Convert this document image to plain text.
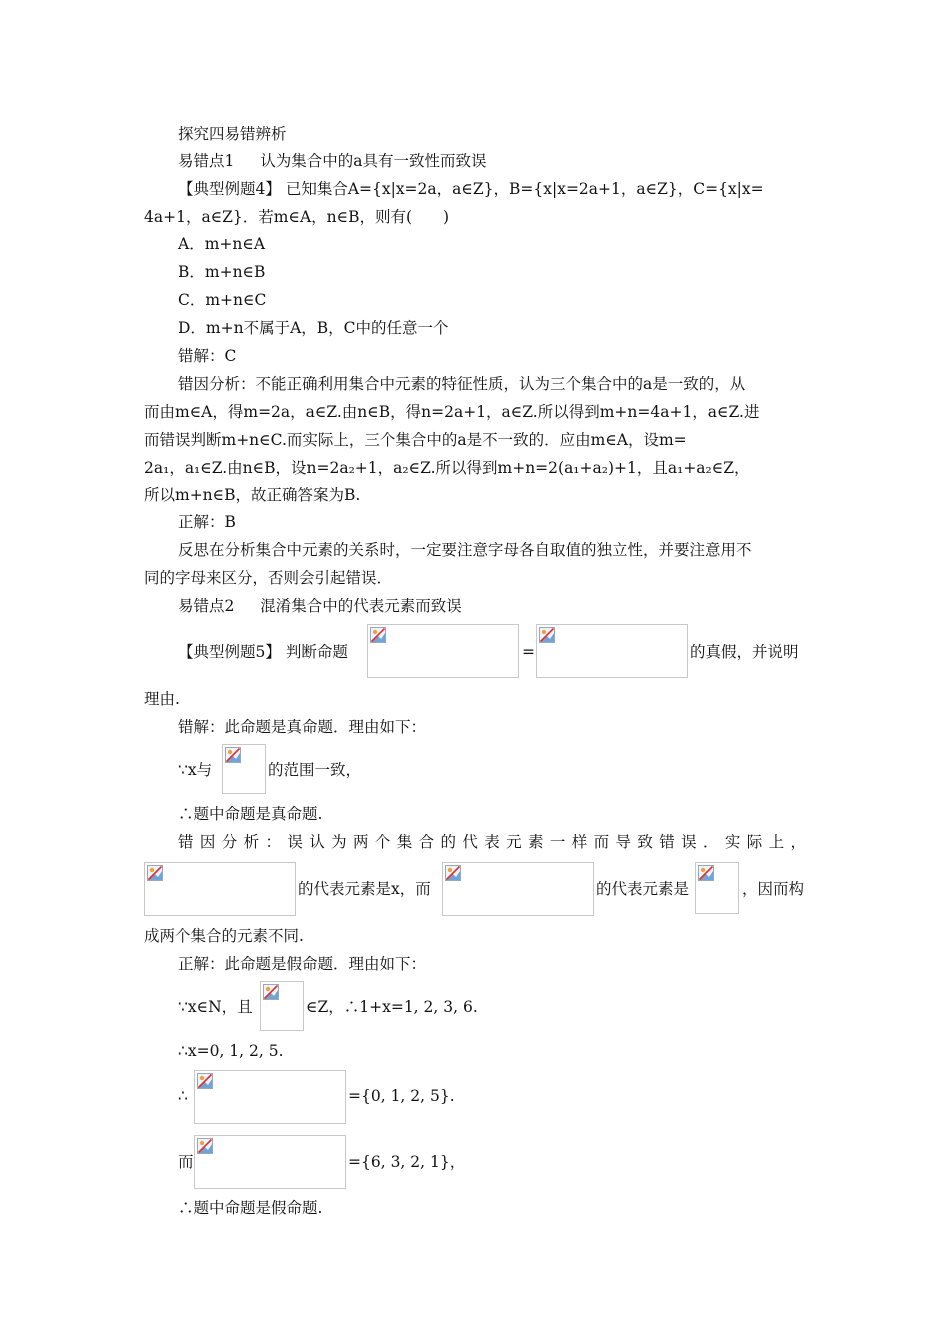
探究四易错辨析
易错点1 认为集合中的a具有一致性而致误
【典型例题4】 已知集合A={x|x=2a，a∈Z}，B={x|x=2a+1，a∈Z}，C={x|x=
4a+1，a∈Z}．若m∈A，n∈B，则有(　　)
A．m+n∈A
B．m+n∈B
C．m+n∈C
D．m+n不属于A，B，C中的任意一个
错解：C
错因分析：不能正确利用集合中元素的特征性质，认为三个集合中的a是一致的，从
而由m∈A，得m=2a，a∈Z.由n∈B，得n=2a+1，a∈Z.所以得到m+n=4a+1，a∈Z.进
而错误判断m+n∈C.而实际上，三个集合中的a是不一致的．应由m∈A，设m=
2a₁，a₁∈Z.由n∈B，设n=2a₂+1，a₂∈Z.所以得到m+n=2(a₁+a₂)+1，且a₁+a₂∈Z，
所以m+n∈B，故正确答案为B.
正解：B
反思在分析集合中元素的关系时，一定要注意字母各自取值的独立性，并要注意用不
同的字母来区分，否则会引起错误．
易错点2 混淆集合中的代表元素而致误
【典型例题5】 判断命题	=	的真假，并说明
理由.
错解：此命题是真命题．理由如下：
∵x与	的范围一致，
∴题中命题是真命题.
错因分析：误认为两个集合的代表元素一样而导致错误．实际上，
的代表元素是x，而	的代表元素是	，因而构
成两个集合的元素不同.
正解：此命题是假命题．理由如下：
∵x∈N，且	∈Z，∴1+x=1, 2, 3, 6.
∴x=0, 1, 2, 5.
∴	={0, 1, 2, 5}.
而	={6, 3, 2, 1}，
∴题中命题是假命题.
